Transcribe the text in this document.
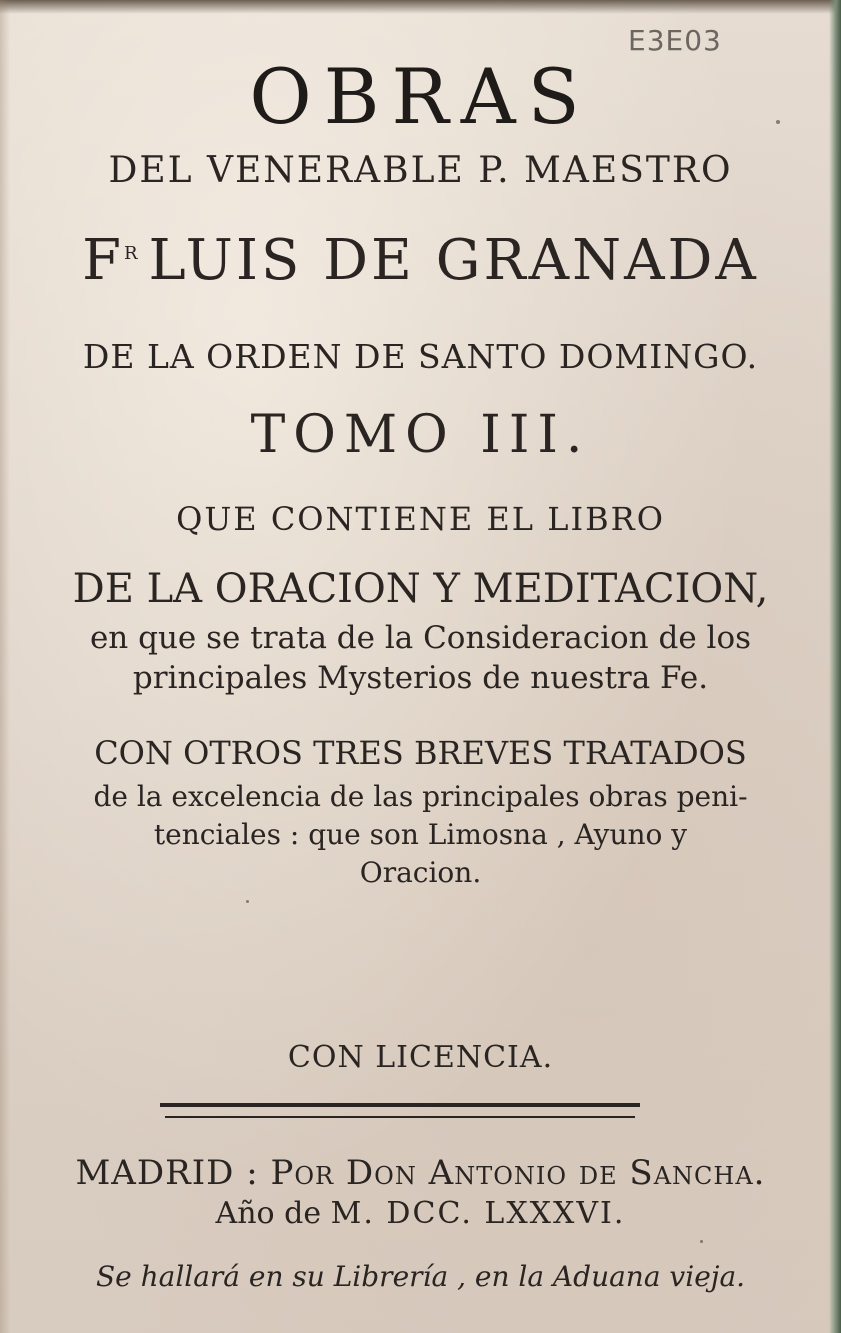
E3E03
OBRAS
DEL VENERABLE P. MAESTRO
$F^R$ LUIS DE GRANADA
DE LA ORDEN DE SANTO DOMINGO.
TOMO III.
QUE CONTIENE EL LIBRO
DE LA ORACION Y MEDITACION,
en que se trata de la Consideracion de los
principales Mysterios de nuestra Fe.
CON OTROS TRES BREVES TRATADOS
de la excelencia de las principales obras peni-
tenciales : que son Limosna , Ayuno y
Oracion.
CON LICENCIA.
MADRID : Por Don Antonio de Sancha.
Año de M. DCC. LXXXVI.
Se hallará en su Librería , en la Aduana vieja.
